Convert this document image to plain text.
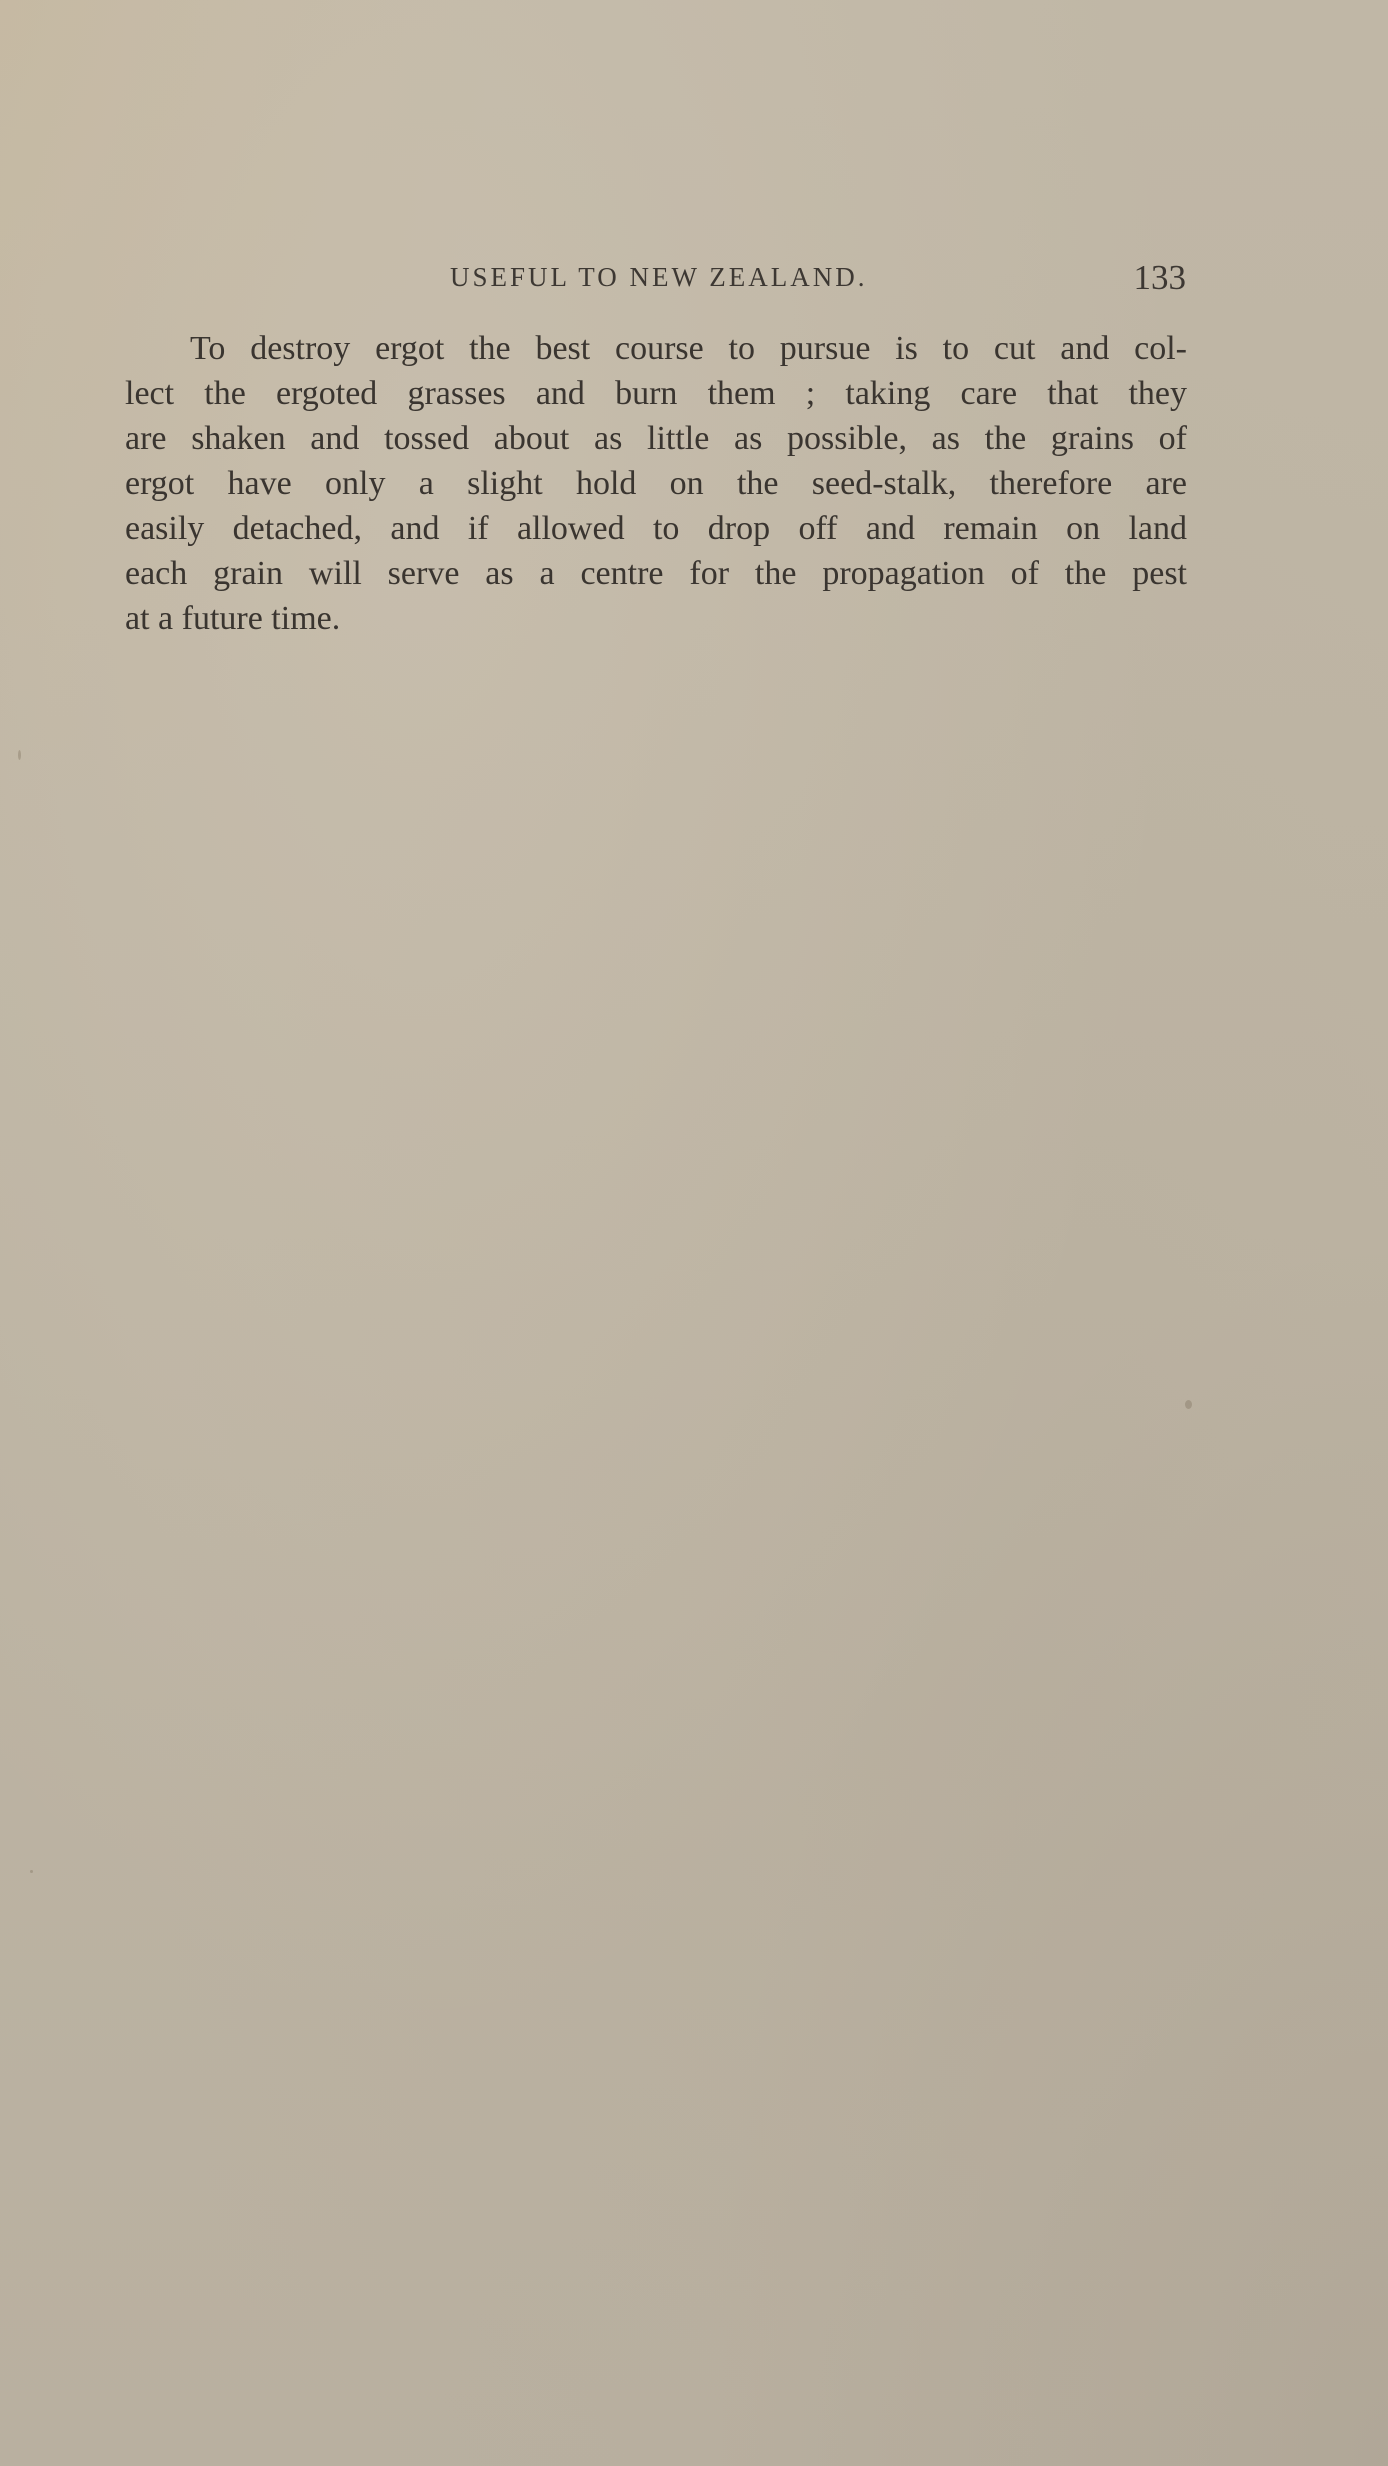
USEFUL TO NEW ZEALAND.	133
To destroy ergot the best course to pursue is to cut and col-
lect the ergoted grasses and burn them ; taking care that they
are shaken and tossed about as little as possible, as the grains of
ergot have only a slight hold on the seed-stalk, therefore are
easily detached, and if allowed to drop off and remain on land
each grain will serve as a centre for the propagation of the pest
at a future time.
